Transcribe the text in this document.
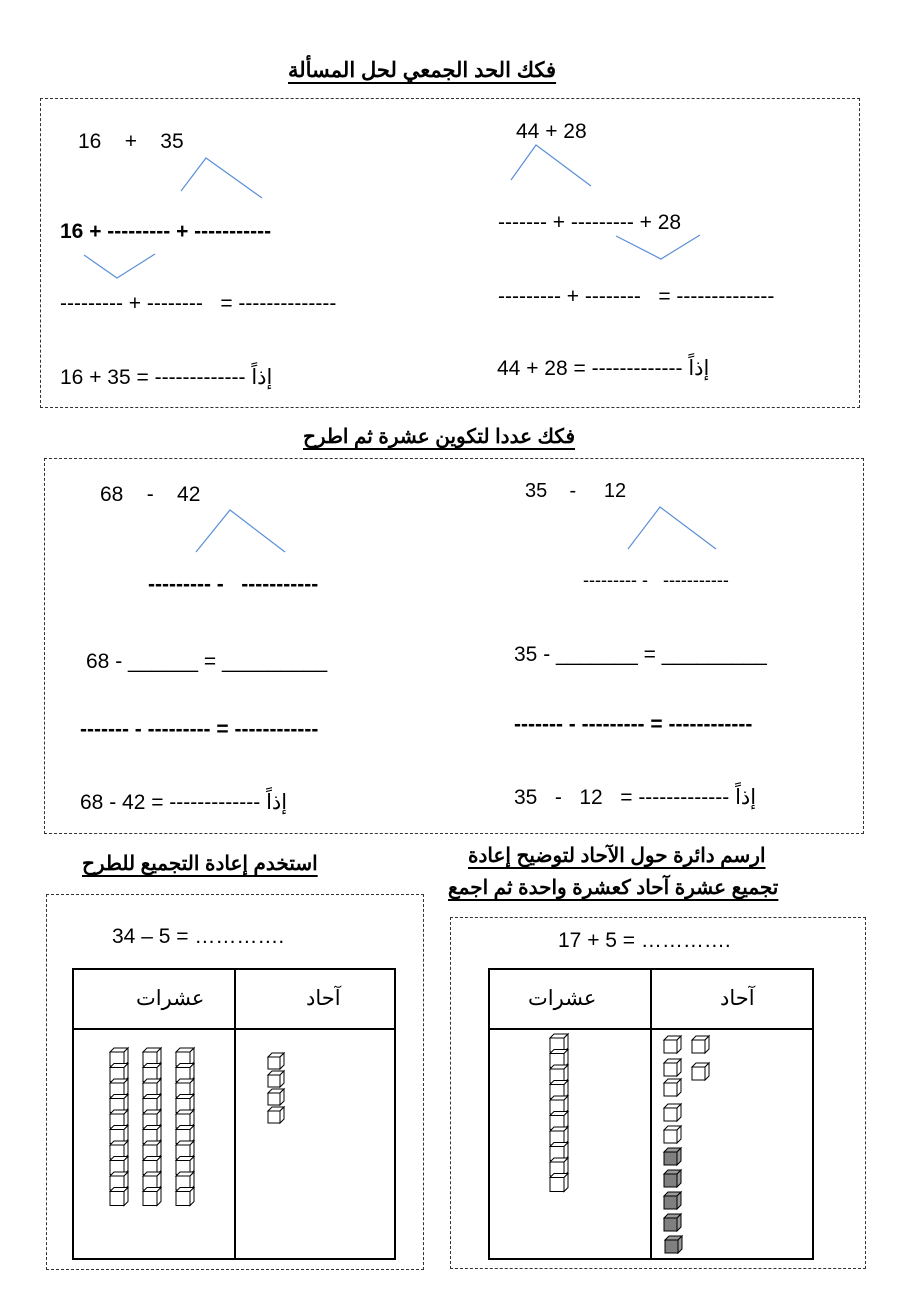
فكك الحد الجمعي لحل المسألة
16    +    35
16 + --------- + -----------
--------- + --------   = --------------
16 + 35 = ------------- إذاً
44 + 28
------- + --------- + 28
--------- + --------   = --------------
44 + 28 = ------------- إذاً
فكك عددا لتكوين عشرة ثم اطرح
68    -    42
--------- -   -----------
68 - ______ = _________
------- - --------- = ------------
68 - 42 = ------------- إذاً
35    -     12
--------- -   -----------
35 - _______ = _________
------- - --------- = ------------
35   -   12   = ------------- إذاً
استخدم إعادة التجميع للطرح
34 – 5 = ………….
عشرات	آحاد
ارسم دائرة حول الآحاد لتوضيح إعادة
تجميع عشرة آحاد كعشرة واحدة ثم اجمع
17 + 5 = ………….
عشرات	آحاد
